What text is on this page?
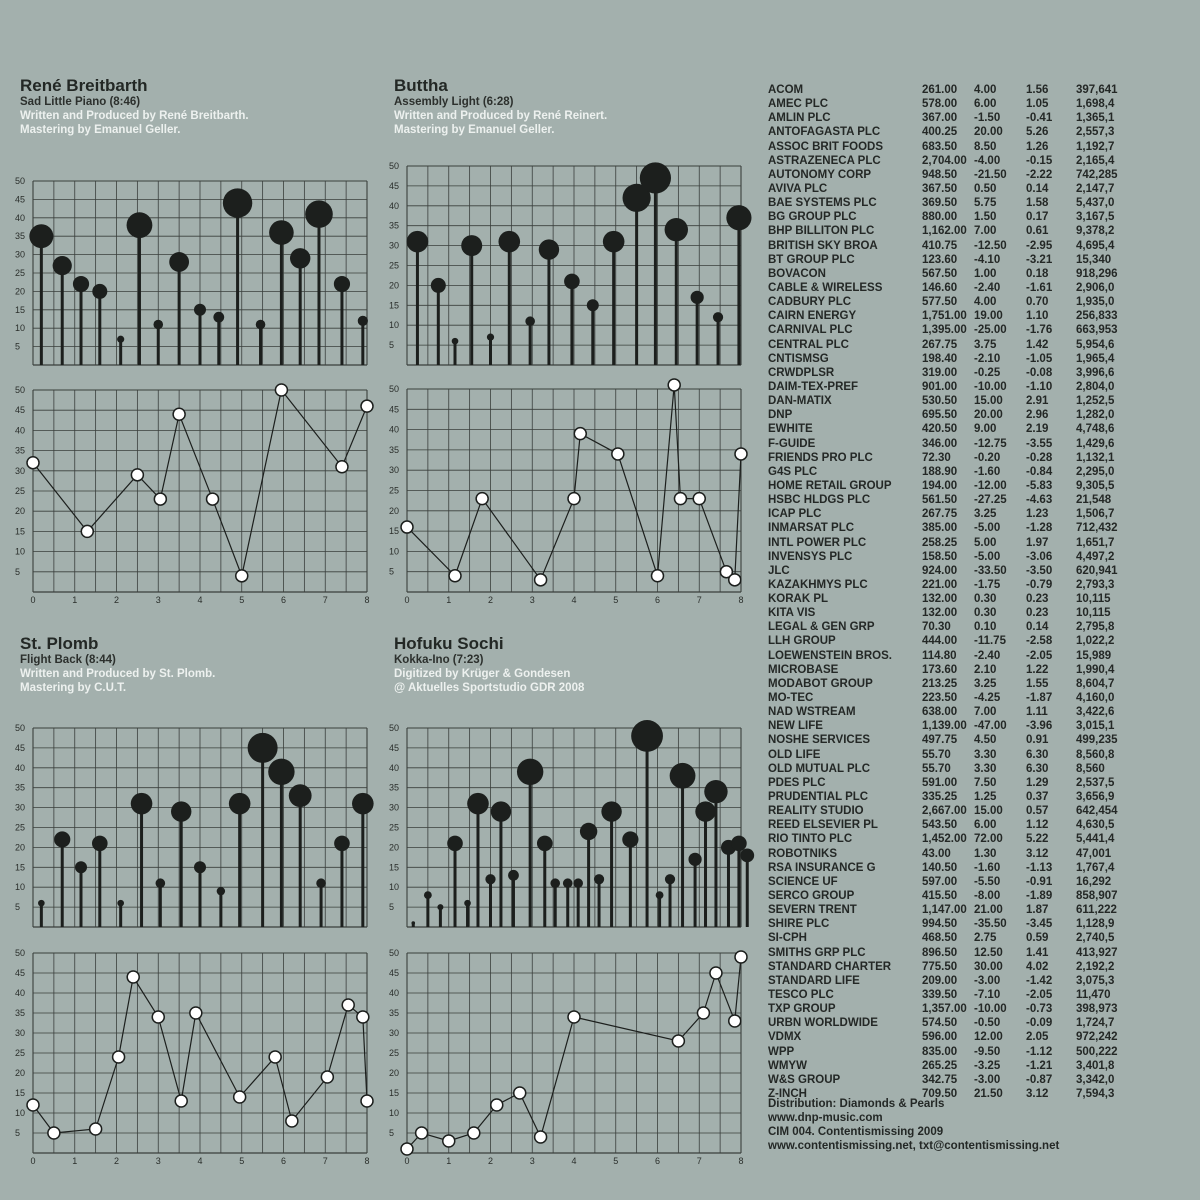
René Breitbarth
Sad Little Piano (8:46)
Written and Produced by René Breitbarth.
Mastering by Emanuel Geller.
Buttha
Assembly Light (6:28)
Written and Produced by René Reinert.
Mastering by Emanuel Geller.
St. Plomb
Flight Back (8:44)
Written and Produced by St. Plomb.
Mastering by C.U.T.
Hofuku Sochi
Kokka-Ino (7:23)
Digitized by Krüger & Gondesen
@ Aktuelles Sportstudio GDR 2008
5
10
15
20
25
30
35
40
45
50
5
10
15
20
25
30
35
40
45
50
0	1	2	3	4	5	6	7	8
5
10
15
20
25
30
35
40
45
50
5
10
15
20
25
30
35
40
45
50
0	1	2	3	4	5	6	7	8
5
10
15
20
25
30
35
40
45
50
5
10
15
20
25
30
35
40
45
50
0	1	2	3	4	5	6	7	8
5
10
15
20
25
30
35
40
45
50
5
10
15
20
25
30
35
40
45
50
0	1	2	3	4	5	6	7	8
ACOM	261.00	4.00	1.56	397,641
AMEC PLC	578.00	6.00	1.05	1,698,4
AMLIN PLC	367.00	-1.50	-0.41	1,365,1
ANTOFAGASTA PLC	400.25	20.00	5.26	2,557,3
ASSOC BRIT FOODS	683.50	8.50	1.26	1,192,7
ASTRAZENECA PLC	2,704.00 -4.00	-0.15	2,165,4
AUTONOMY CORP	948.50	-21.50	-2.22	742,285
AVIVA PLC	367.50	0.50	0.14	2,147,7
BAE SYSTEMS PLC	369.50	5.75	1.58	5,437,0
BG GROUP PLC	880.00	1.50	0.17	3,167,5
BHP BILLITON PLC	1,162.00 7.00	0.61	9,378,2
BRITISH SKY BROA	410.75	-12.50	-2.95	4,695,4
BT GROUP PLC	123.60	-4.10	-3.21	15,340
BOVACON	567.50	1.00	0.18	918,296
CABLE & WIRELESS	146.60	-2.40	-1.61	2,906,0
CADBURY PLC	577.50	4.00	0.70	1,935,0
CAIRN ENERGY	1,751.00 19.00	1.10	256,833
CARNIVAL PLC	1,395.00 -25.00	-1.76	663,953
CENTRAL PLC	267.75	3.75	1.42	5,954,6
CNTISMSG	198.40	-2.10	-1.05	1,965,4
CRWDPLSR	319.00	-0.25	-0.08	3,996,6
DAIM-TEX-PREF	901.00	-10.00	-1.10	2,804,0
DAN-MATIX	530.50	15.00	2.91	1,252,5
DNP	695.50	20.00	2.96	1,282,0
EWHITE	420.50	9.00	2.19	4,748,6
F-GUIDE	346.00	-12.75	-3.55	1,429,6
FRIENDS PRO PLC	72.30	-0.20	-0.28	1,132,1
G4S PLC	188.90	-1.60	-0.84	2,295,0
HOME RETAIL GROUP	194.00	-12.00	-5.83	9,305,5
HSBC HLDGS PLC	561.50	-27.25	-4.63	21,548
ICAP PLC	267.75	3.25	1.23	1,506,7
INMARSAT PLC	385.00	-5.00	-1.28	712,432
INTL POWER PLC	258.25	5.00	1.97	1,651,7
INVENSYS PLC	158.50	-5.00	-3.06	4,497,2
JLC	924.00	-33.50	-3.50	620,941
KAZAKHMYS PLC	221.00	-1.75	-0.79	2,793,3
KORAK PL	132.00	0.30	0.23	10,115
KITA VIS	132.00	0.30	0.23	10,115
LEGAL & GEN GRP	70.30	0.10	0.14	2,795,8
LLH GROUP	444.00	-11.75	-2.58	1,022,2
LOEWENSTEIN BROS.	114.80	-2.40	-2.05	15,989
MICROBASE	173.60	2.10	1.22	1,990,4
MODABOT GROUP	213.25	3.25	1.55	8,604,7
MO-TEC	223.50	-4.25	-1.87	4,160,0
NAD WSTREAM	638.00	7.00	1.11	3,422,6
NEW LIFE	1,139.00 -47.00	-3.96	3,015,1
NOSHE SERVICES	497.75	4.50	0.91	499,235
OLD LIFE	55.70	3.30	6.30	8,560,8
OLD MUTUAL PLC	55.70	3.30	6.30	8,560
PDES PLC	591.00	7.50	1.29	2,537,5
PRUDENTIAL PLC	335.25	1.25	0.37	3,656,9
REALITY STUDIO	2,667.00 15.00	0.57	642,454
REED ELSEVIER PL	543.50	6.00	1.12	4,630,5
RIO TINTO PLC	1,452.00 72.00	5.22	5,441,4
ROBOTNIKS	43.00	1.30	3.12	47,001
RSA INSURANCE G	140.50	-1.60	-1.13	1,767,4
SCIENCE UF	597.00	-5.50	-0.91	16,292
SERCO GROUP	415.50	-8.00	-1.89	858,907
SEVERN TRENT	1,147.00 21.00	1.87	611,222
SHIRE PLC	994.50	-35.50	-3.45	1,128,9
SI-CPH	468.50	2.75	0.59	2,740,5
SMITHS GRP PLC	896.50	12.50	1.41	413,927
STANDARD CHARTER	775.50	30.00	4.02	2,192,2
STANDARD LIFE	209.00	-3.00	-1.42	3,075,3
TESCO PLC	339.50	-7.10	-2.05	11,470
TXP GROUP	1,357.00 -10.00	-0.73	398,973
URBN WORLDWIDE	574.50	-0.50	-0.09	1,724,7
VDMX	596.00	12.00	2.05	972,242
WPP	835.00	-9.50	-1.12	500,222
WMYW	265.25	-3.25	-1.21	3,401,8
W&S GROUP	342.75	-3.00	-0.87	3,342,0
Z-INCH	709.50	21.50	3.12	7,594,3
Distribution: Diamonds & Pearls
www.dnp-music.com
CIM 004. Contentismissing 2009
www.contentismissing.net, txt@contentismissing.net
